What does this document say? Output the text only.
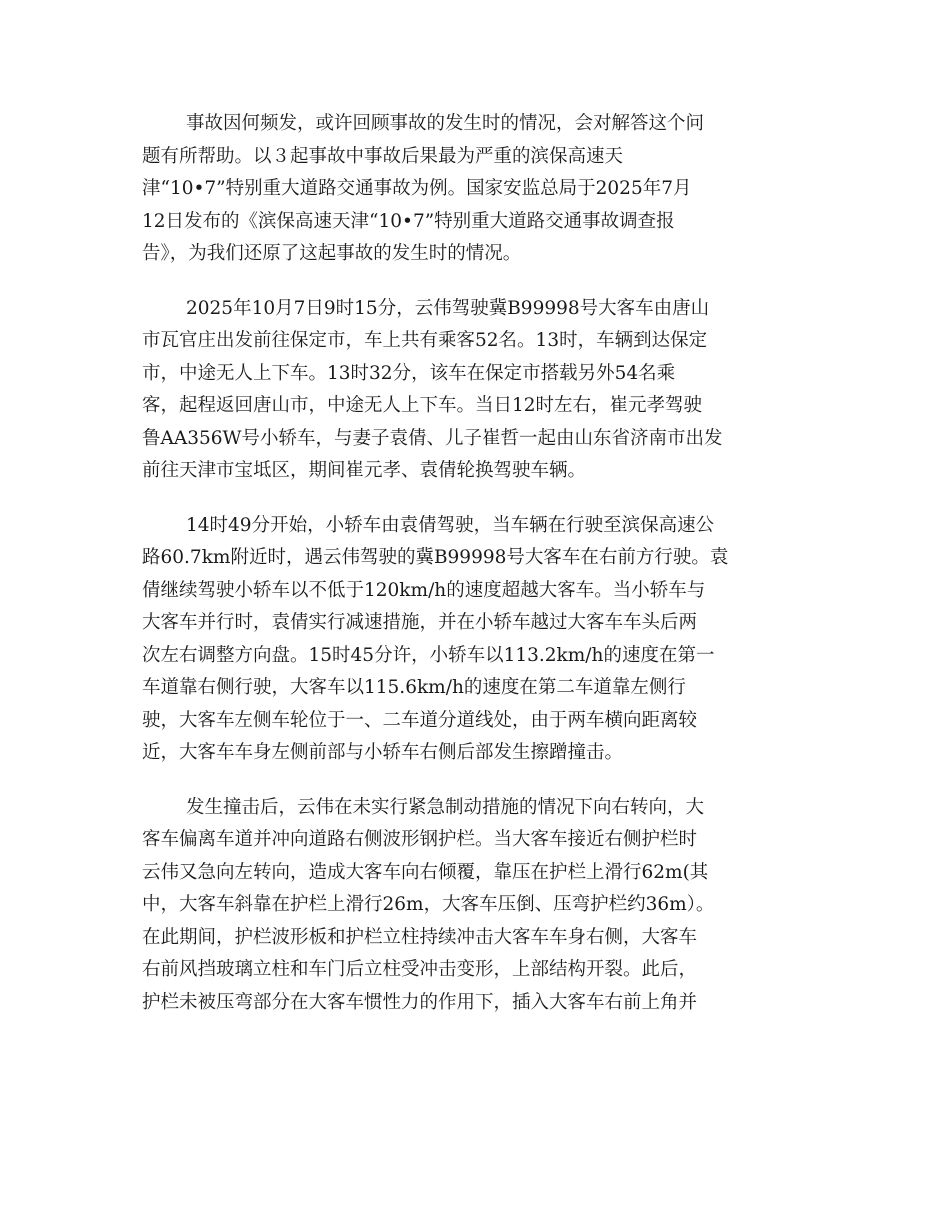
事故因何频发，或许回顾事故的发生时的情况，会对解答这个问
题有所帮助。以３起事故中事故后果最为严重的滨保高速天
津“10•7”特别重大道路交通事故为例。国家安监总局于2025年7月
12日发布的《滨保高速天津“10•7”特别重大道路交通事故调查报
告》，为我们还原了这起事故的发生时的情况。
2025年10月7日9时15分，云伟驾驶冀B99998号大客车由唐山
市瓦官庄出发前往保定市，车上共有乘客52名。13时，车辆到达保定
市，中途无人上下车。13时32分，该车在保定市搭载另外54名乘
客，起程返回唐山市，中途无人上下车。当日12时左右，崔元孝驾驶
鲁AA356W号小轿车，与妻子袁倩、儿子崔哲一起由山东省济南市出发
前往天津市宝坻区，期间崔元孝、袁倩轮换驾驶车辆。
14时49分开始，小轿车由袁倩驾驶，当车辆在行驶至滨保高速公
路60.7km附近时，遇云伟驾驶的冀B99998号大客车在右前方行驶。袁
倩继续驾驶小轿车以不低于120km/h的速度超越大客车。当小轿车与
大客车并行时，袁倩实行减速措施，并在小轿车越过大客车车头后两
次左右调整方向盘。15时45分许，小轿车以113.2km/h的速度在第一
车道靠右侧行驶，大客车以115.6km/h的速度在第二车道靠左侧行
驶，大客车左侧车轮位于一、二车道分道线处，由于两车横向距离较
近，大客车车身左侧前部与小轿车右侧后部发生擦蹭撞击。
发生撞击后，云伟在未实行紧急制动措施的情况下向右转向，大
客车偏离车道并冲向道路右侧波形钢护栏。当大客车接近右侧护栏时
云伟又急向左转向，造成大客车向右倾覆，靠压在护栏上滑行62m(其
中，大客车斜靠在护栏上滑行26m，大客车压倒、压弯护栏约36m）。
在此期间，护栏波形板和护栏立柱持续冲击大客车车身右侧，大客车
右前风挡玻璃立柱和车门后立柱受冲击变形，上部结构开裂。此后，
护栏未被压弯部分在大客车惯性力的作用下，插入大客车右前上角并
